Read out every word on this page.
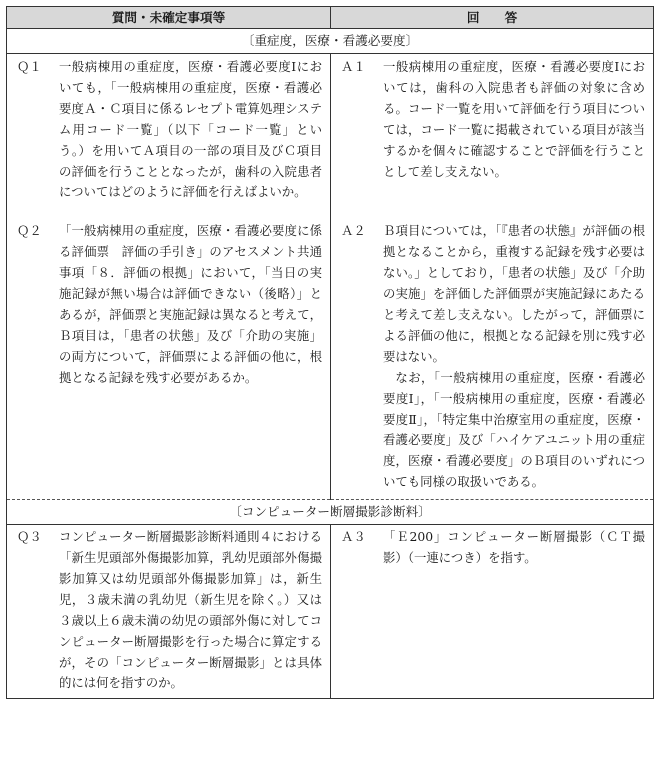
質問・未確定事項等	回　　答
〔重症度，医療・看護必要度〕	

Ｑ１ 一般病棟用の重症度，医療・看護必要度Ⅰにおいても，「一般病棟用の重症度，医療・看護必要度Ａ・Ｃ項目に係るレセプト電算処理システム用コード一覧」（以下「コード一覧」という。）を用いてＡ項目の一部の項目及びＣ項目の評価を行うこととなったが，歯科の入院患者についてはどのように評価を行えばよいか。	Ａ１ 一般病棟用の重症度，医療・看護必要度Ⅰにおいては，歯科の入院患者も評価の対象に含める。コード一覧を用いて評価を行う項目については，コード一覧に掲載されている項目が該当するかを個々に確認することで評価を行うこととして差し支えない。

Ｑ２ 「一般病棟用の重症度，医療・看護必要度に係る評価票　評価の手引き」のアセスメント共通事項「８．評価の根拠」において，「当日の実施記録が無い場合は評価できない（後略）」とあるが，評価票と実施記録は異なると考えて，Ｂ項目は，「患者の状態」及び「介助の実施」の両方について，評価票による評価の他に，根拠となる記録を残す必要があるか。	Ａ２ Ｂ項目については，「『患者の状態』が評価の根拠となることから，重複する記録を残す必要はない。」としており，「患者の状態」及び「介助の実施」を評価した評価票が実施記録にあたると考えて差し支えない。したがって，評価票による評価の他に，根拠となる記録を別に残す必要はない。
なお，「一般病棟用の重症度，医療・看護必要度Ⅰ」，「一般病棟用の重症度，医療・看護必要度Ⅱ」，「特定集中治療室用の重症度，医療・看護必要度」及び「ハイケアユニット用の重症度，医療・看護必要度」のＢ項目のいずれについても同様の取扱いである。

〔コンピューター断層撮影診断料〕	

Ｑ３ コンピューター断層撮影診断料通則４における「新生児頭部外傷撮影加算，乳幼児頭部外傷撮影加算又は幼児頭部外傷撮影加算」は，新生児，３歳未満の乳幼児（新生児を除く。）又は３歳以上６歳未満の幼児の頭部外傷に対してコンピューター断層撮影を行った場合に算定するが，その「コンピューター断層撮影」とは具体的には何を指すのか。	Ａ３ 「Ｅ200」コンピューター断層撮影（ＣＴ撮影）（一連につき）を指す。
